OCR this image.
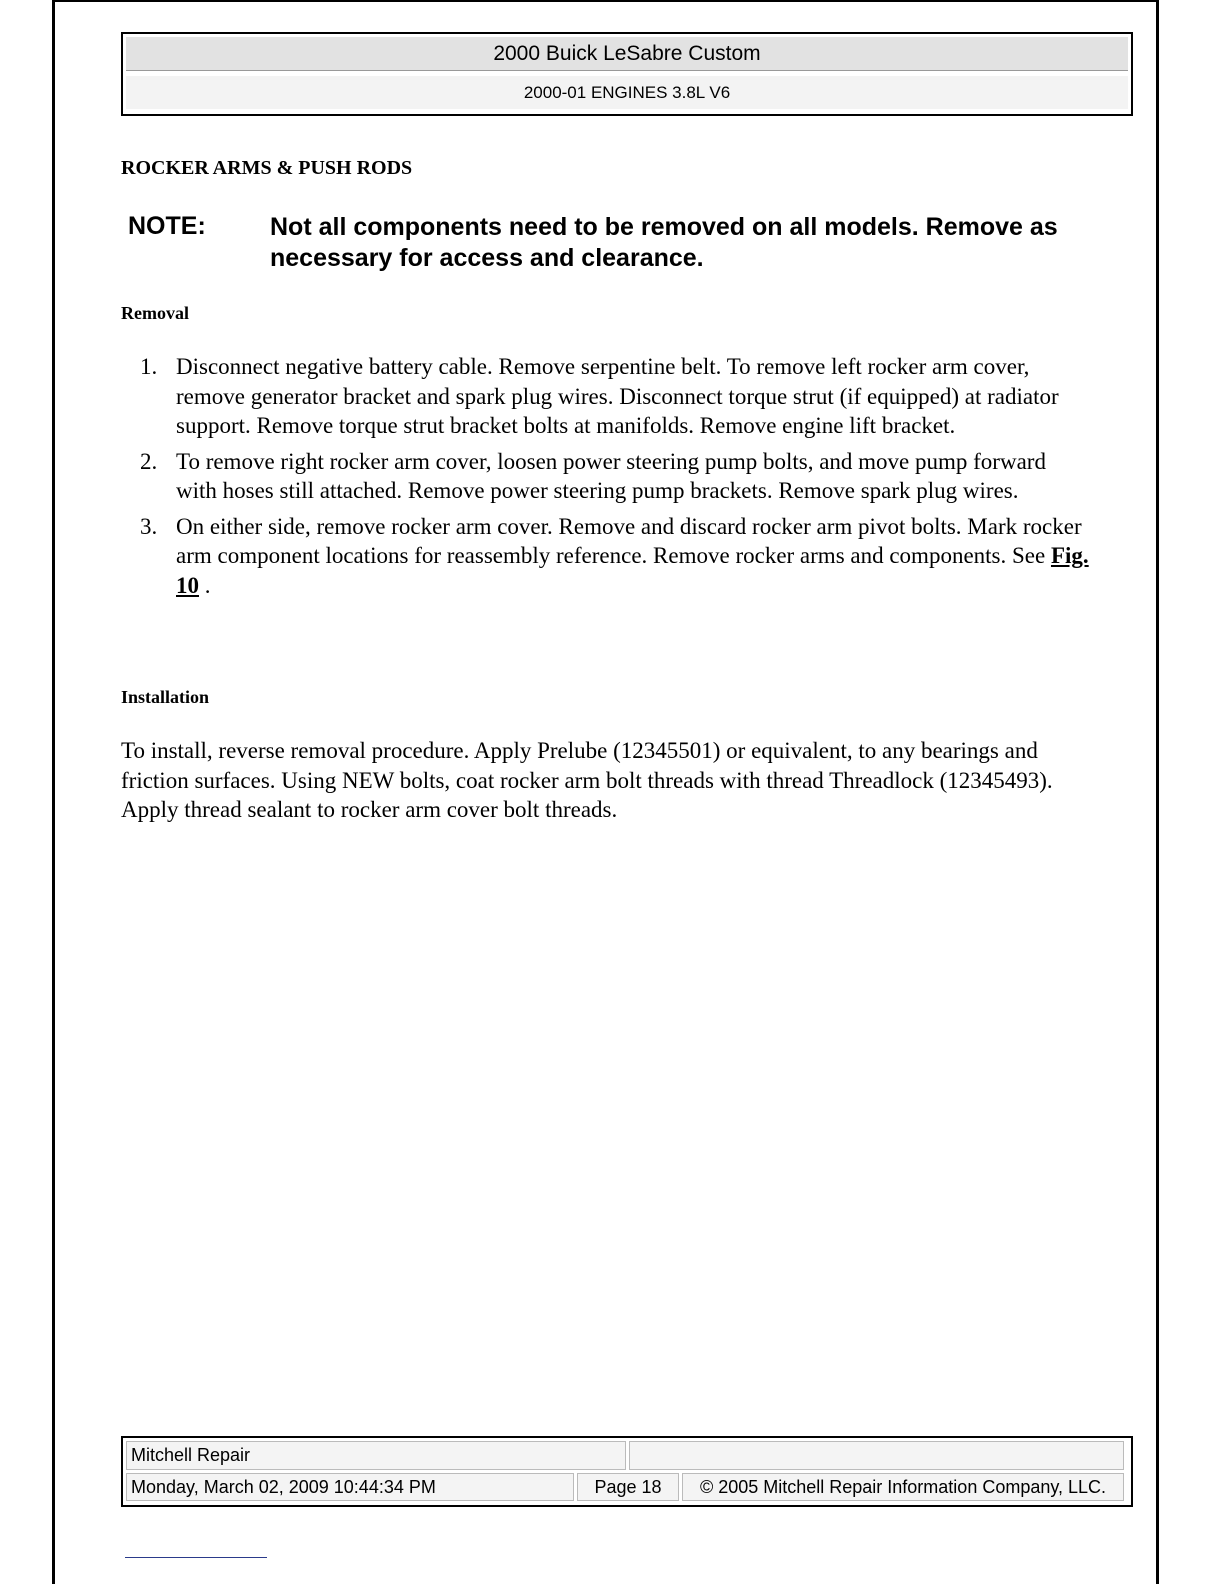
2000 Buick LeSabre Custom
2000-01 ENGINES 3.8L V6
ROCKER ARMS & PUSH RODS
NOTE:	Not all components need to be removed on all models. Remove as necessary for access and clearance.
Removal
1. Disconnect negative battery cable. Remove serpentine belt. To remove left rocker arm cover, remove generator bracket and spark plug wires. Disconnect torque strut (if equipped) at radiator support. Remove torque strut bracket bolts at manifolds. Remove engine lift bracket.
2. To remove right rocker arm cover, loosen power steering pump bolts, and move pump forward with hoses still attached. Remove power steering pump brackets. Remove spark plug wires.
3. On either side, remove rocker arm cover. Remove and discard rocker arm pivot bolts. Mark rocker arm component locations for reassembly reference. Remove rocker arms and components. See Fig. 10 .
Installation

To install, reverse removal procedure. Apply Prelube (12345501) or equivalent, to any bearings and friction surfaces. Using NEW bolts, coat rocker arm bolt threads with thread Threadlock (12345493). Apply thread sealant to rocker arm cover bolt threads.

Mitchell Repair
Monday, March 02, 2009 10:44:34 PM	Page 18	© 2005 Mitchell Repair Information Company, LLC.
